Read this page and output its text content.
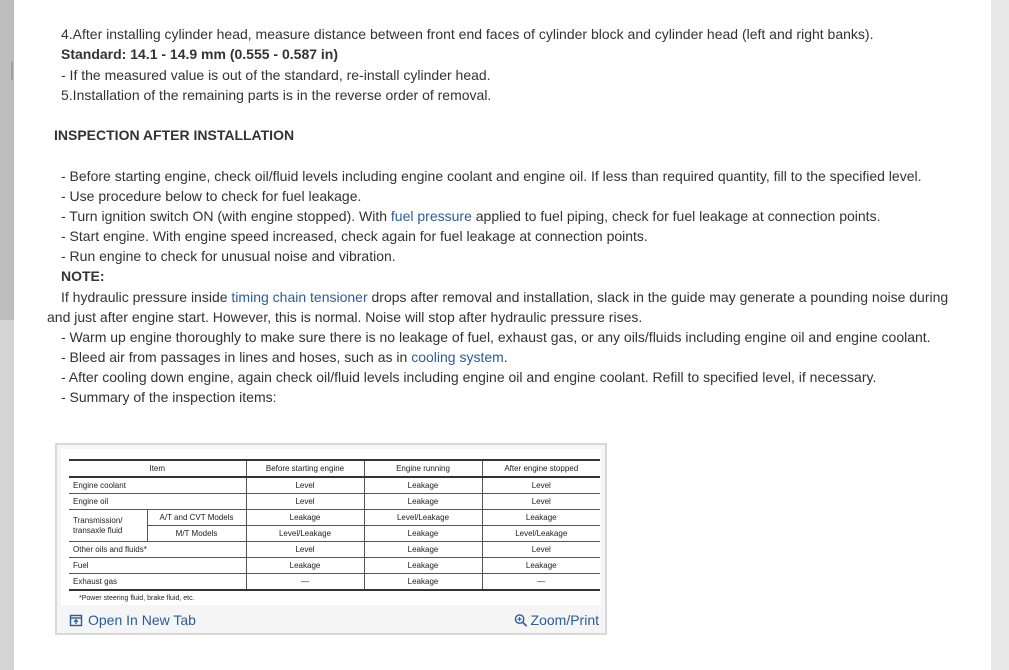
4.After installing cylinder head, measure distance between front end faces of cylinder block and cylinder head (left and right banks).
Standard: 14.1 - 14.9 mm (0.555 - 0.587 in)
- If the measured value is out of the standard, re-install cylinder head.
5.Installation of the remaining parts is in the reverse order of removal.
INSPECTION AFTER INSTALLATION
- Before starting engine, check oil/fluid levels including engine coolant and engine oil. If less than required quantity, fill to the specified level.
- Use procedure below to check for fuel leakage.
- Turn ignition switch ON (with engine stopped). With fuel pressure applied to fuel piping, check for fuel leakage at connection points.
- Start engine. With engine speed increased, check again for fuel leakage at connection points.
- Run engine to check for unusual noise and vibration.
NOTE:
If hydraulic pressure inside timing chain tensioner drops after removal and installation, slack in the guide may generate a pounding noise during
and just after engine start. However, this is normal. Noise will stop after hydraulic pressure rises.
- Warm up engine thoroughly to make sure there is no leakage of fuel, exhaust gas, or any oils/fluids including engine oil and engine coolant.
- Bleed air from passages in lines and hoses, such as in cooling system.
- After cooling down engine, again check oil/fluid levels including engine oil and engine coolant. Refill to specified level, if necessary.
- Summary of the inspection items:
Item		Before starting engine	Engine running	After engine stopped
Engine coolant		Level	Leakage	Level
Engine oil		Level	Leakage	Level
Transmission/ transaxle fluid	A/T and CVT Models	Leakage	Level/Leakage	Leakage
	M/T Models	Level/Leakage	Leakage	Level/Leakage
Other oils and fluids*		Level	Leakage	Level
Fuel		Leakage	Leakage	Leakage
Exhaust gas		—	Leakage	—
*Power steering fluid, brake fluid, etc.
Open In New Tab	Zoom/Print
